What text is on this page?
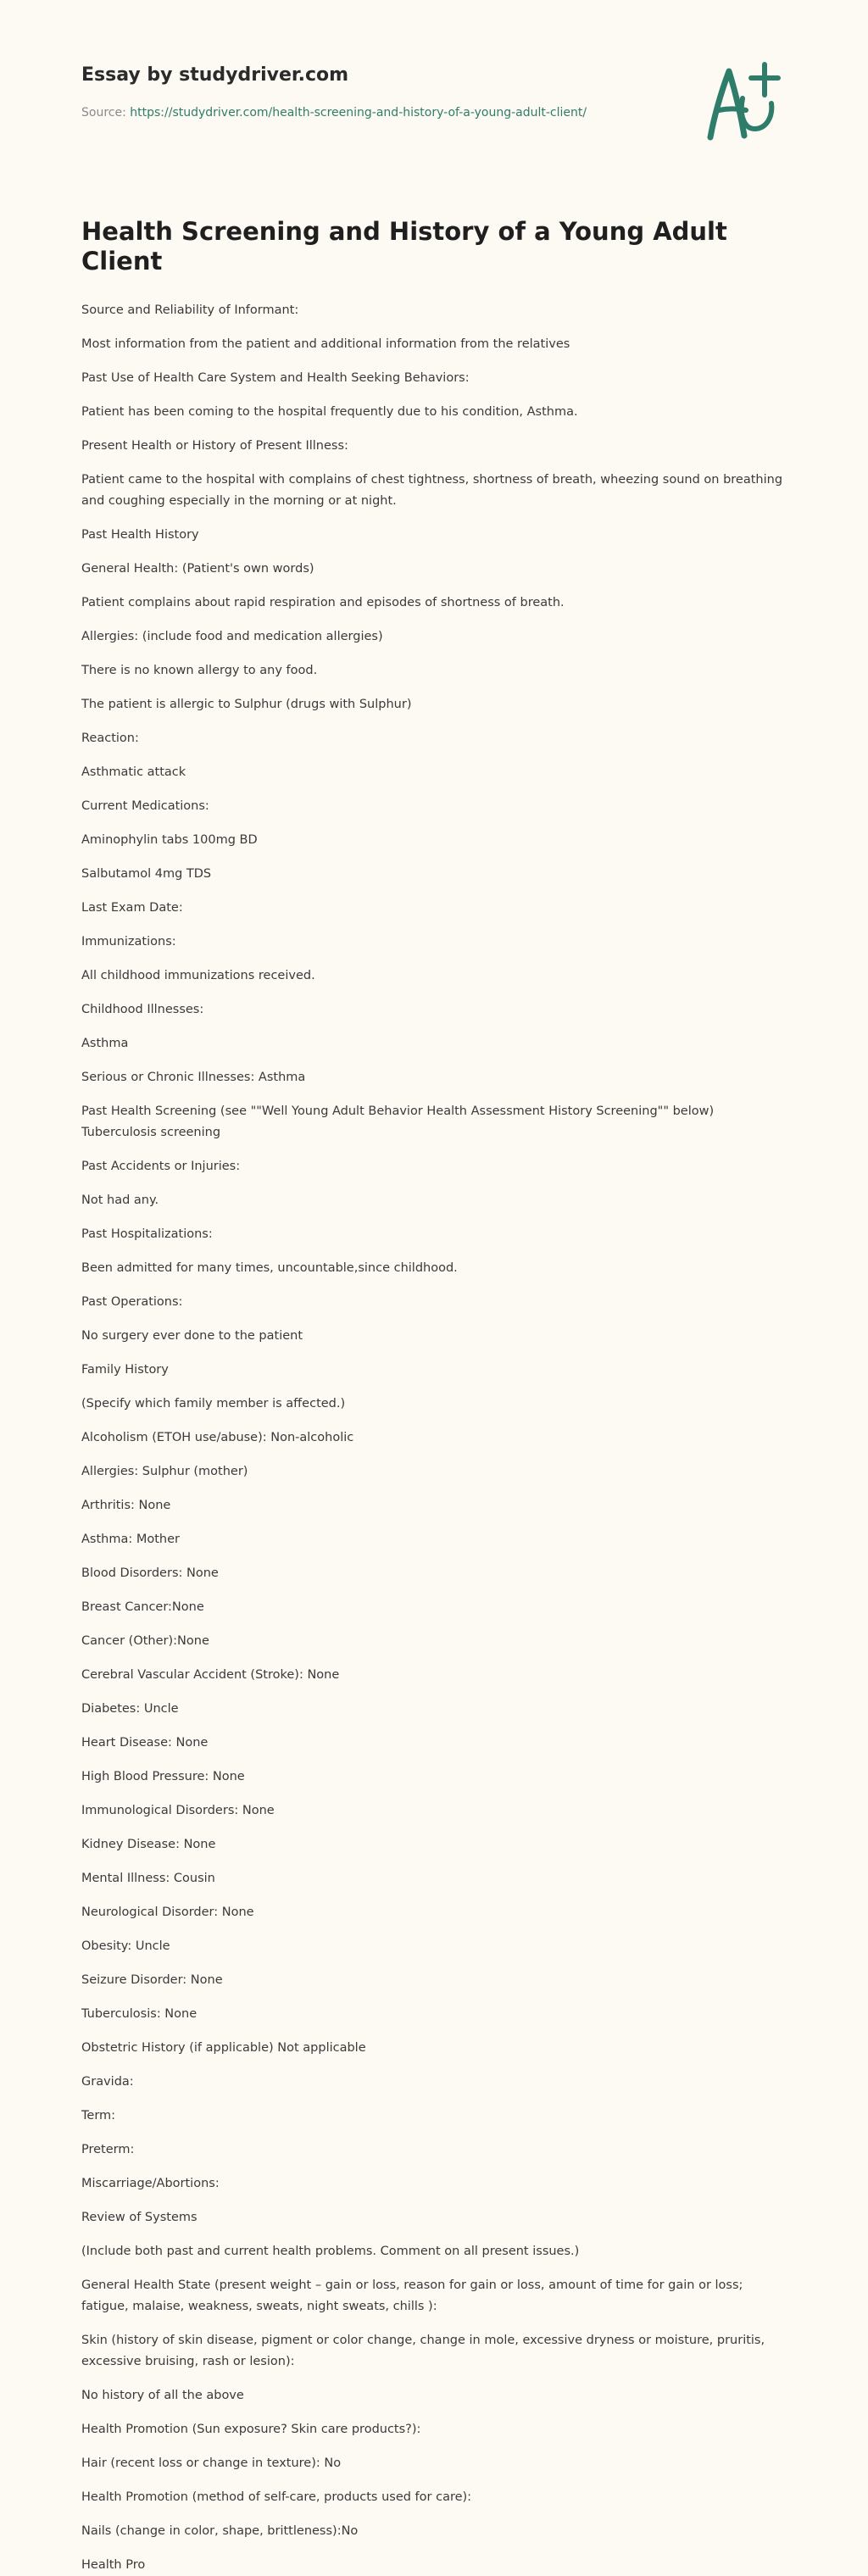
Essay by studydriver.com

Source: https://studydriver.com/health-screening-and-history-of-a-young-adult-client/

Health Screening and History of a Young Adult Client

Source and Reliability of Informant:

Most information from the patient and additional information from the relatives

Past Use of Health Care System and Health Seeking Behaviors:

Patient has been coming to the hospital frequently due to his condition, Asthma.

Present Health or History of Present Illness:

Patient came to the hospital with complains of chest tightness, shortness of breath, wheezing sound on breathing and coughing especially in the morning or at night.

Past Health History

General Health: (Patient's own words)

Patient complains about rapid respiration and episodes of shortness of breath.

Allergies: (include food and medication allergies)

There is no known allergy to any food.

The patient is allergic to Sulphur (drugs with Sulphur)

Reaction:

Asthmatic attack

Current Medications:

Aminophylin tabs 100mg BD

Salbutamol 4mg TDS

Last Exam Date:

Immunizations:

All childhood immunizations received.

Childhood Illnesses:

Asthma

Serious or Chronic Illnesses: Asthma

Past Health Screening (see ""Well Young Adult Behavior Health Assessment History Screening"" below) Tuberculosis screening

Past Accidents or Injuries:

Not had any.

Past Hospitalizations:

Been admitted for many times, uncountable,since childhood.

Past Operations:

No surgery ever done to the patient

Family History

(Specify which family member is affected.)

Alcoholism (ETOH use/abuse): Non-alcoholic

Allergies: Sulphur (mother)

Arthritis: None

Asthma: Mother

Blood Disorders: None

Breast Cancer:None

Cancer (Other):None

Cerebral Vascular Accident (Stroke): None

Diabetes: Uncle

Heart Disease: None

High Blood Pressure: None

Immunological Disorders: None

Kidney Disease: None

Mental Illness: Cousin

Neurological Disorder: None

Obesity: Uncle

Seizure Disorder: None

Tuberculosis: None

Obstetric History (if applicable) Not applicable

Gravida:

Term:

Preterm:

Miscarriage/Abortions:

Review of Systems

(Include both past and current health problems. Comment on all present issues.)

General Health State (present weight – gain or loss, reason for gain or loss, amount of time for gain or loss; fatigue, malaise, weakness, sweats, night sweats, chills ):

Skin (history of skin disease, pigment or color change, change in mole, excessive dryness or moisture, pruritis, excessive bruising, rash or lesion):

No history of all the above

Health Promotion (Sun exposure? Skin care products?):

Hair (recent loss or change in texture): No

Health Promotion (method of self-care, products used for care):

Nails (change in color, shape, brittleness):No

Health Pro
